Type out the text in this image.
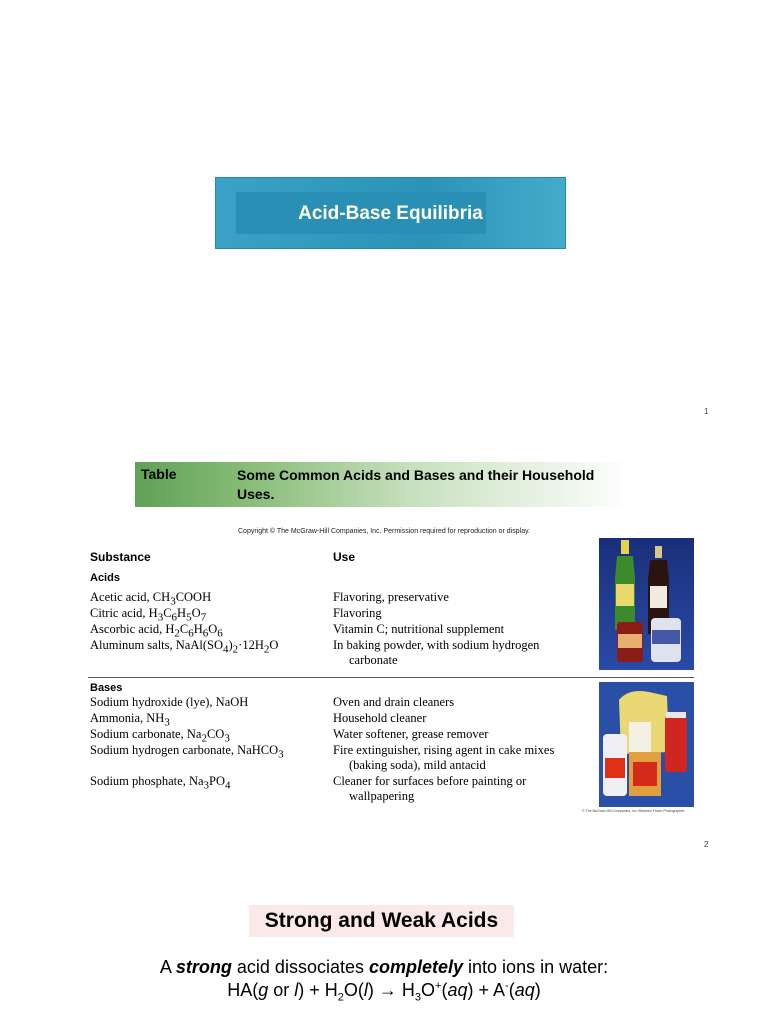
Acid-Base Equilibria
1
Table	Some Common Acids and Bases and their Household Uses.
Copyright © The McGraw-Hill Companies, Inc. Permission required for reproduction or display.
Substance	Use
Acids
Acetic acid, $CH_3COOH$	Flavoring, preservative
Citric acid, $H_3C_6H_5O_7$	Flavoring
Ascorbic acid, $H_2C_6H_6O_6$	Vitamin C; nutritional supplement
Aluminum salts, $NaAl(SO_4)_2\cdot 12H_2O$	In baking powder, with sodium hydrogen
carbonate
Bases
Sodium hydroxide (lye), NaOH	Oven and drain cleaners
Ammonia, $NH_3$	Household cleaner
Sodium carbonate, $Na_2CO_3$	Water softener, grease remover
Sodium hydrogen carbonate, NaHCO$_3$	Fire extinguisher, rising agent in cake mixes
(baking soda), mild antacid
Sodium phosphate, $Na_3PO_4$	Cleaner for surfaces before painting or
wallpapering
© The McGraw-Hill Companies, Inc./Stephen Frisch Photographer
2
Strong and Weak Acids
A strong acid dissociates completely into ions in water:
HA(g or $l) + H_2O(l) \to H_3O^+(aq) + A^-(aq)$
